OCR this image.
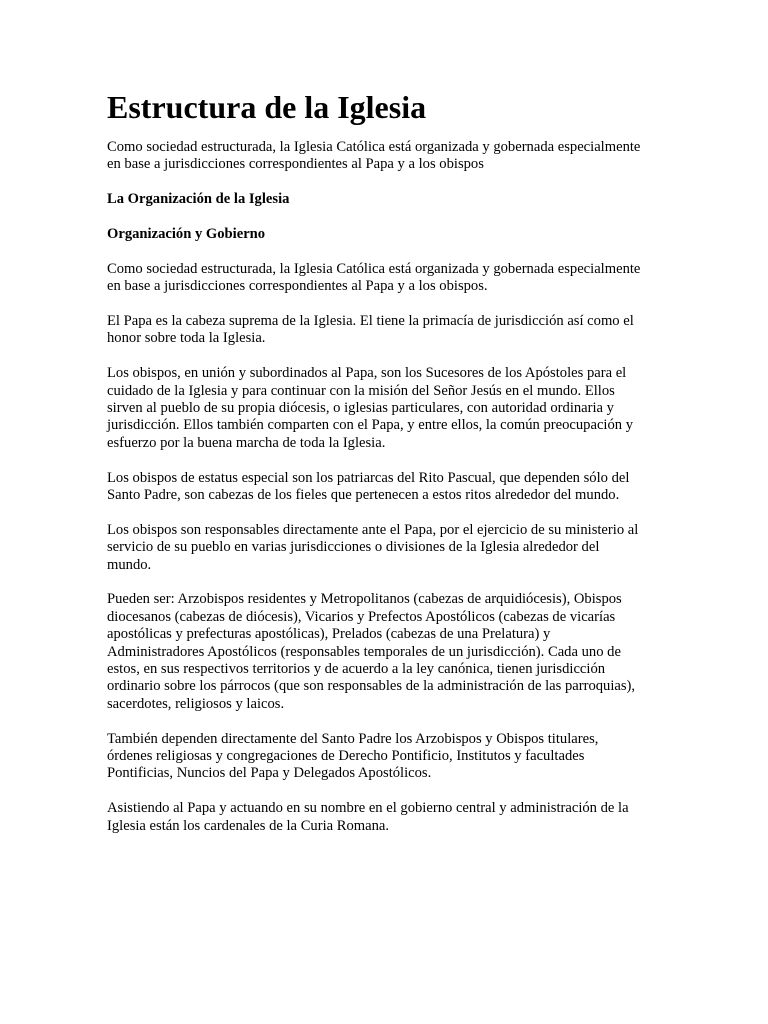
Estructura de la Iglesia

Como sociedad estructurada, la Iglesia Católica está organizada y gobernada especialmente
en base a jurisdicciones correspondientes al Papa y a los obispos

La Organización de la Iglesia

Organización y Gobierno

Como sociedad estructurada, la Iglesia Católica está organizada y gobernada especialmente
en base a jurisdicciones correspondientes al Papa y a los obispos.

El Papa es la cabeza suprema de la Iglesia. El tiene la primacía de jurisdicción así como el
honor sobre toda la Iglesia.

Los obispos, en unión y subordinados al Papa, son los Sucesores de los Apóstoles para el
cuidado de la Iglesia y para continuar con la misión del Señor Jesús en el mundo. Ellos
sirven al pueblo de su propia diócesis, o iglesias particulares, con autoridad ordinaria y
jurisdicción. Ellos también comparten con el Papa, y entre ellos, la común preocupación y
esfuerzo por la buena marcha de toda la Iglesia.

Los obispos de estatus especial son los patriarcas del Rito Pascual, que dependen sólo del
Santo Padre, son cabezas de los fieles que pertenecen a estos ritos alrededor del mundo.

Los obispos son responsables directamente ante el Papa, por el ejercicio de su ministerio al
servicio de su pueblo en varias jurisdicciones o divisiones de la Iglesia alrededor del
mundo.

Pueden ser: Arzobispos residentes y Metropolitanos (cabezas de arquidiócesis), Obispos
diocesanos (cabezas de diócesis), Vicarios y Prefectos Apostólicos (cabezas de vicarías
apostólicas y prefecturas apostólicas), Prelados (cabezas de una Prelatura) y
Administradores Apostólicos (responsables temporales de un jurisdicción). Cada uno de
estos, en sus respectivos territorios y de acuerdo a la ley canónica, tienen jurisdicción
ordinario sobre los párrocos (que son responsables de la administración de las parroquias),
sacerdotes, religiosos y laicos.

También dependen directamente del Santo Padre los Arzobispos y Obispos titulares,
órdenes religiosas y congregaciones de Derecho Pontificio, Institutos y facultades
Pontificias, Nuncios del Papa y Delegados Apostólicos.

Asistiendo al Papa y actuando en su nombre en el gobierno central y administración de la
Iglesia están los cardenales de la Curia Romana.
